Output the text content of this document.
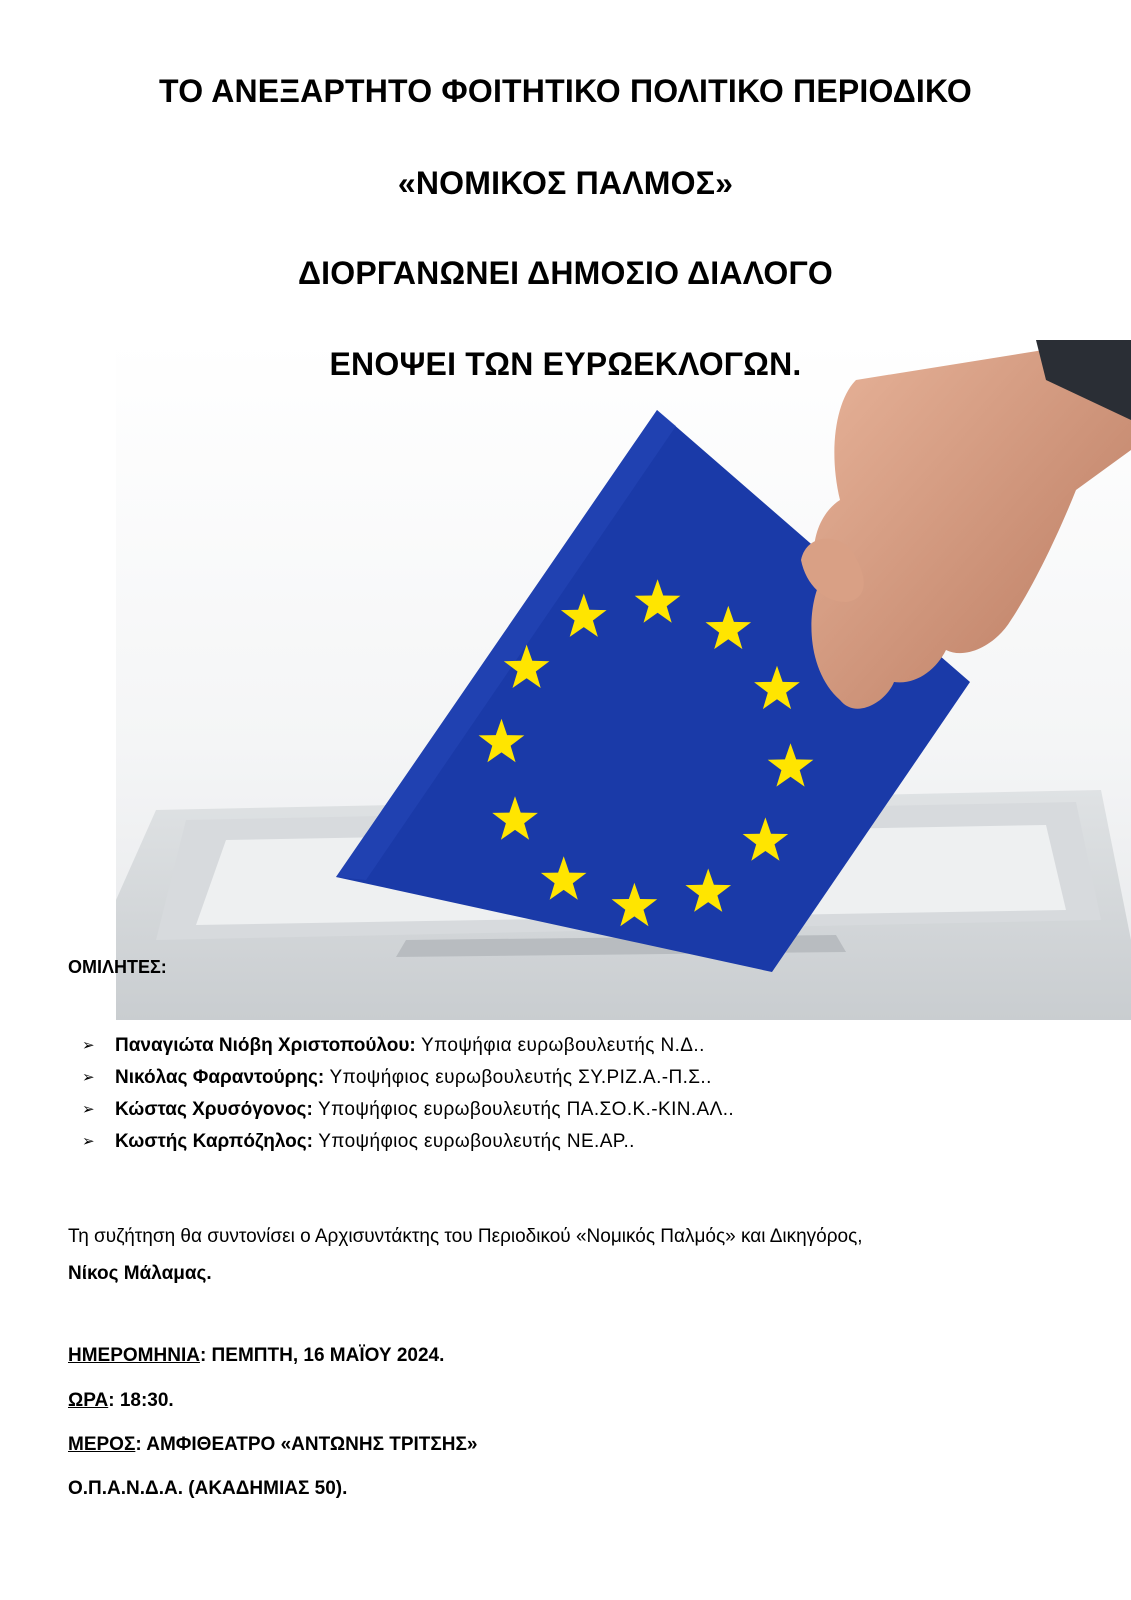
ΤΟ ΑΝΕΞΑΡΤΗΤΟ ΦΟΙΤΗΤΙΚΟ ΠΟΛΙΤΙΚΟ ΠΕΡΙΟΔΙΚΟ
«ΝΟΜΙΚΟΣ ΠΑΛΜΟΣ»
ΔΙΟΡΓΑΝΩΝΕΙ ΔΗΜΟΣΙΟ ΔΙΑΛΟΓΟ
ΕΝΟΨΕΙ ΤΩΝ ΕΥΡΩΕΚΛΟΓΩΝ.

ΟΜΙΛΗΤΕΣ:

➢ Παναγιώτα Νιόβη Χριστοπούλου: Υποψήφια ευρωβουλευτής Ν.Δ..
➢ Νικόλας Φαραντούρης: Υποψήφιος ευρωβουλευτής ΣΥ.ΡΙΖ.Α.-Π.Σ..
➢ Κώστας Χρυσόγονος: Υποψήφιος ευρωβουλευτής ΠΑ.ΣΟ.Κ.-ΚΙΝ.ΑΛ..
➢ Κωστής Καρπόζηλος: Υποψήφιος ευρωβουλευτής ΝΕ.ΑΡ..

Τη συζήτηση θα συντονίσει ο Αρχισυντάκτης του Περιοδικού «Νομικός Παλμός» και Δικηγόρος,

Νίκος Μάλαμας.

ΗΜΕΡΟΜΗΝΙΑ: ΠΕΜΠΤΗ, 16 ΜΑΪΟΥ 2024.

ΩΡΑ: 18:30.

ΜΕΡΟΣ: ΑΜΦΙΘΕΑΤΡΟ «ΑΝΤΩΝΗΣ ΤΡΙΤΣΗΣ»

Ο.Π.Α.Ν.Δ.Α. (ΑΚΑΔΗΜΙΑΣ 50).
